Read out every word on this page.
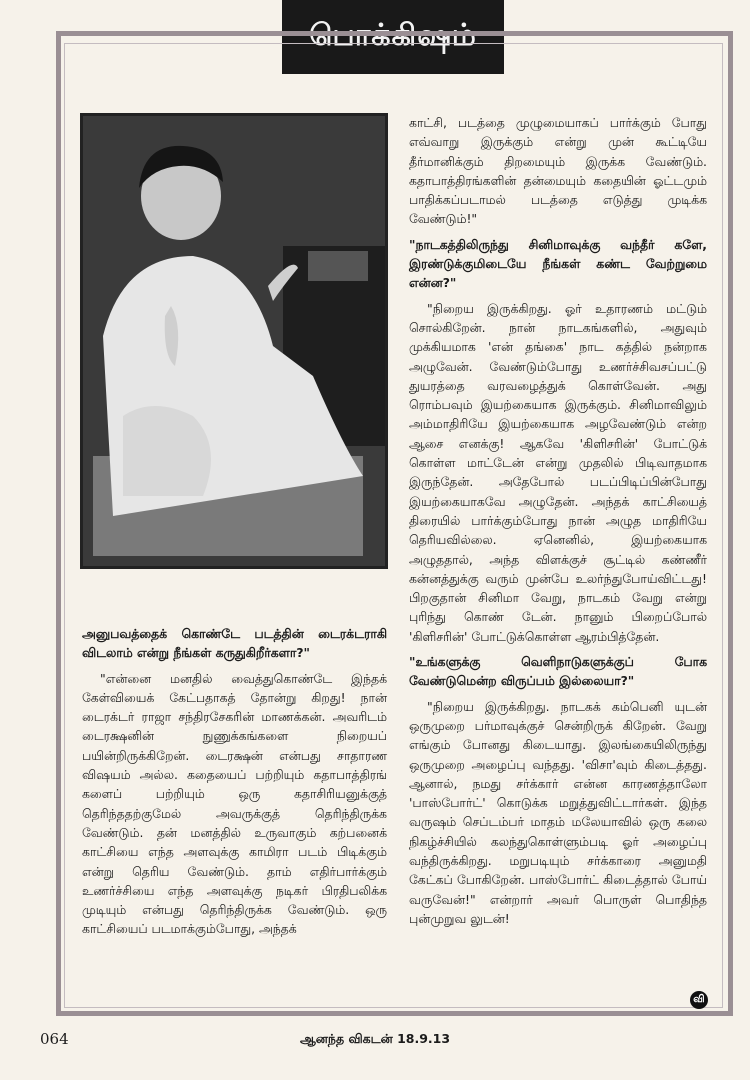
பொக்கிஷம்

அனுபவத்தைக் கொண்டே படத்தின் டைரக்டராகி விடலாம் என்று நீங்கள் கருதுகிறீர்களா?"

"என்னை மனதில் வைத்துகொண்டே இந்தக் கேள்வியைக் கேட்பதாகத் தோன்று கிறது! நான் டைரக்டர் ராஜா சந்திரசேகரின் மாணக்கன். அவரிடம் டைரக்ஷனின் நுணுக்கங்களை நிறையப் பயின்றிருக்கிறேன். டைரக்ஷன் என்பது சாதாரண விஷயம் அல்ல. கதையைப் பற்றியும் கதாபாத்திரங் களைப் பற்றியும் ஒரு கதாசிரியனுக்குத் தெரிந்ததற்குமேல் அவருக்குத் தெரிந்திருக்க வேண்டும். தன் மனத்தில் உருவாகும் கற்பனைக் காட்சியை எந்த அளவுக்கு காமிரா படம் பிடிக்கும் என்று தெரிய வேண்டும். தாம் எதிர்பார்க்கும் உணர்ச்சியை எந்த அளவுக்கு நடிகர் பிரதிபலிக்க முடியும் என்பது தெரிந்திருக்க வேண்டும். ஒரு காட்சியைப் படமாக்கும்போது, அந்தக்

காட்சி, படத்தை முழுமையாகப் பார்க்கும் போது எவ்வாறு இருக்கும் என்று முன் கூட்டியே தீர்மானிக்கும் திறமையும் இருக்க வேண்டும். கதாபாத்திரங்களின் தன்மையும் கதையின் ஓட்டமும் பாதிக்கப்படாமல் படத்தை எடுத்து முடிக்க வேண்டும்!"

"நாடகத்திலிருந்து சினிமாவுக்கு வந்தீர் களே, இரண்டுக்குமிடையே நீங்கள் கண்ட வேற்றுமை என்ன?"

"நிறைய இருக்கிறது. ஓர் உதாரணம் மட்டும் சொல்கிறேன். நான் நாடகங்களில், அதுவும் முக்கியமாக 'என் தங்கை' நாட கத்தில் நன்றாக அழுவேன். வேண்டும்போது உணர்ச்சிவசப்பட்டு துயரத்தை வரவழைத்துக் கொள்வேன். அது ரொம்பவும் இயற்கையாக இருக்கும். சினிமாவிலும் அம்மாதிரியே இயற்கையாக அழவேண்டும் என்ற ஆசை எனக்கு! ஆகவே 'கிளிசரின்' போட்டுக் கொள்ள மாட்டேன் என்று முதலில் பிடிவாதமாக இருந்தேன். அதேபோல் படப்பிடிப்பின்போது இயற்கையாகவே அழுதேன். அந்தக் காட்சியைத் திரையில் பார்க்கும்போது நான் அழுத மாதிரியே தெரியவில்லை. ஏனெனில், இயற்கையாக அழுததால், அந்த விளக்குச் சூட்டில் கண்ணீர் கன்னத்துக்கு வரும் முன்பே உலர்ந்துபோய்விட்டது! பிறகுதான் சினிமா வேறு, நாடகம் வேறு என்று புரிந்து கொண் டேன். நானும் பிறைப்போல் 'கிளிசரின்' போட்டுக்கொள்ள ஆரம்பித்தேன்.

"உங்களுக்கு வெளிநாடுகளுக்குப் போக வேண்டுமென்ற விருப்பம் இல்லையா?"

"நிறைய இருக்கிறது. நாடகக் கம்பெனி யுடன் ஒருமுறை பர்மாவுக்குச் சென்றிருக் கிறேன். வேறு எங்கும் போனது கிடையாது. இலங்கையிலிருந்து ஒருமுறை அழைப்பு வந்தது. 'விசா'வும் கிடைத்தது. ஆனால், நமது சர்க்கார் என்ன காரணத்தாலோ 'பாஸ்போர்ட்' கொடுக்க மறுத்துவிட்டார்கள். இந்த வருஷம் செப்டம்பர் மாதம் மலேயாவில் ஒரு கலை நிகழ்ச்சியில் கலந்துகொள்ளும்படி ஓர் அழைப்பு வந்திருக்கிறது. மறுபடியும் சர்க்காரை அனுமதி கேட்கப் போகிறேன். பாஸ்போர்ட் கிடைத்தால் போய் வருவேன்!" என்றார் அவர் பொருள் பொதிந்த புன்முறுவ லுடன்!

வி
064	ஆனந்த விகடன் 18.9.13
